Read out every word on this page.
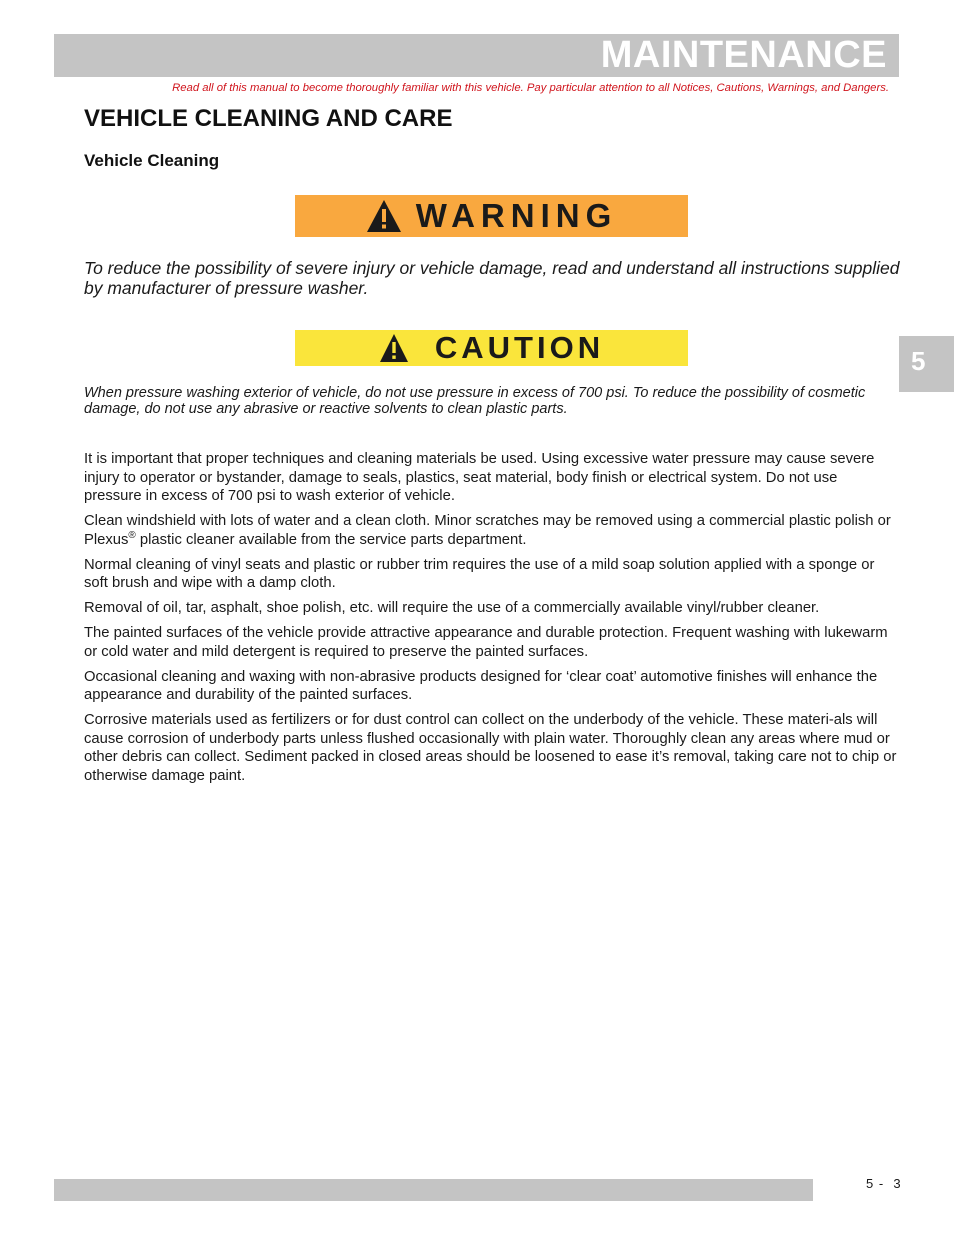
MAINTENANCE
Read all of this manual to become thoroughly familiar with this vehicle. Pay particular attention to all Notices, Cautions, Warnings, and Dangers.
VEHICLE CLEANING AND CARE
Vehicle Cleaning
WARNING

To reduce the possibility of severe injury or vehicle damage, read and understand all instructions supplied by manufacturer of pressure washer.

CAUTION

When pressure washing exterior of vehicle, do not use pressure in excess of 700 psi. To reduce the possibility of cosmetic damage, do not use any abrasive or reactive solvents to clean plastic parts.

It is important that proper techniques and cleaning materials be used. Using excessive water pressure may cause severe injury to operator or bystander, damage to seals, plastics, seat material, body finish or electrical system. Do not use pressure in excess of 700 psi to wash exterior of vehicle.

Clean windshield with lots of water and a clean cloth. Minor scratches may be removed using a commercial plastic polish or Plexus® plastic cleaner available from the service parts department.

Normal cleaning of vinyl seats and plastic or rubber trim requires the use of a mild soap solution applied with a sponge or soft brush and wipe with a damp cloth.

Removal of oil, tar, asphalt, shoe polish, etc. will require the use of a commercially available vinyl/rubber cleaner.

The painted surfaces of the vehicle provide attractive appearance and durable protection. Frequent washing with lukewarm or cold water and mild detergent is required to preserve the painted surfaces.

Occasional cleaning and waxing with non-abrasive products designed for ‘clear coat’ automotive finishes will enhance the appearance and durability of the painted surfaces.

Corrosive materials used as fertilizers or for dust control can collect on the underbody of the vehicle. These materi-als will cause corrosion of underbody parts unless flushed occasionally with plain water. Thoroughly clean any areas where mud or other debris can collect. Sediment packed in closed areas should be loosened to ease it’s removal, taking care not to chip or otherwise damage paint.

5
5 -  3
